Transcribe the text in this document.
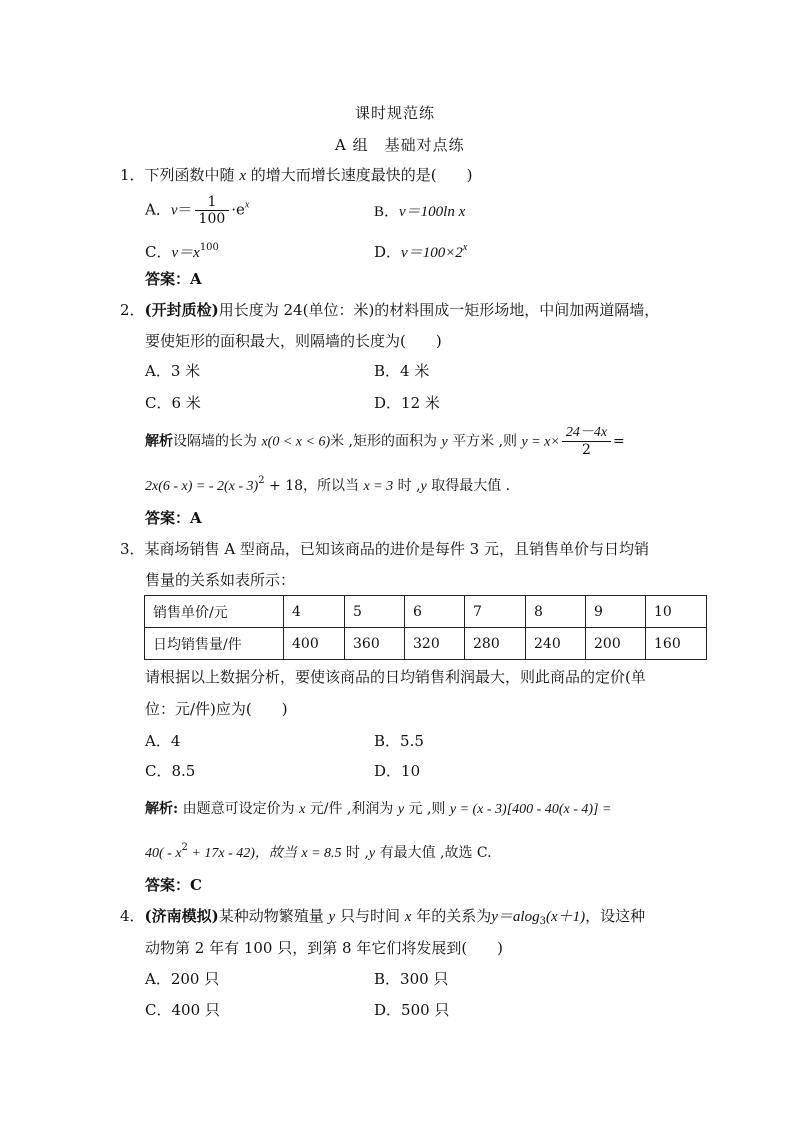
课时规范练
A 组　基础对点练
1．下列函数中随 x 的增大而增长速度最快的是(　　)
A．$v= \frac{1}{100} \cdot e^x$	B．v＝100ln x
C．$v=x^{100}$	D．$v=100\times 2^x$
答案：A
2．(开封质检)用长度为 24(单位：米)的材料围成一矩形场地，中间加两道隔墙，
要使矩形的面积最大，则隔墙的长度为(　　)
A．3 米	B．4 米
C．6 米	D．12 米
解析设隔墙的长为 x(0 < x < 6)米 ,矩形的面积为 y 平方米 ,则 $y = x\times \frac{24-4x}{2}$ =
2x(6 ‐ x) = ‐ 2(x ‐ 3)$^2$ + 18，所以当 x = 3 时 ,y 取得最大值 .
答案：A
3．某商场销售 A 型商品，已知该商品的进价是每件 3 元，且销售单价与日均销
售量的关系如表所示：
销售单价/元	4	5	6	7	8	9	10
日均销售量/件	400	360	320	280	240	200	160
请根据以上数据分析，要使该商品的日均销售利润最大，则此商品的定价(单
位：元/件)应为(　　)
A．4	B．5.5
C．8.5	D．10
解析: 由题意可设定价为 x 元/件 ,利润为 y 元 ,则 y = (x ‐ 3)[400 ‐ 40(x ‐ 4)] =
40( ‐ $x^2 + 17x$ ‐ 42)，故当 x = 8.5 时 ,y 有最大值 ,故选 C.
答案：C
4．(济南模拟)某种动物繁殖量 y 只与时间 x 年的关系为y＝alog$_3$(x＋1)，设这种
动物第 2 年有 100 只，到第 8 年它们将发展到(　　)
A．200 只	B．300 只
C．400 只	D．500 只
